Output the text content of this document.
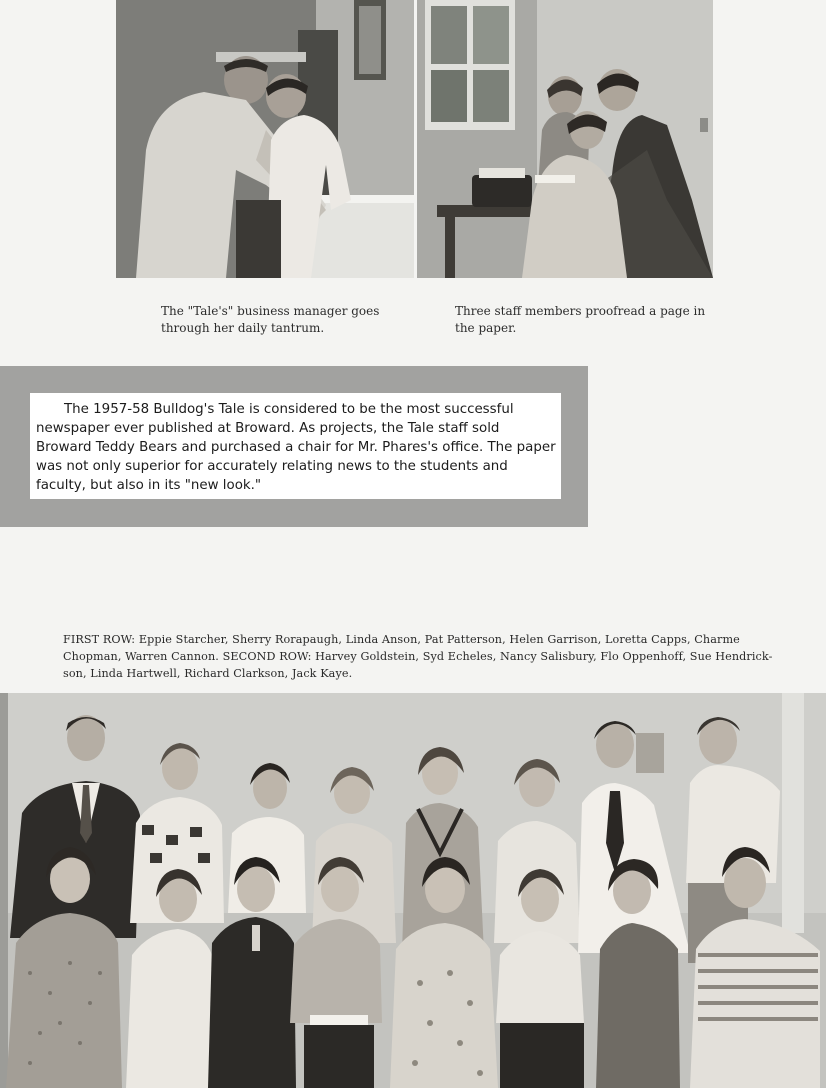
The "Tale's" business manager goes through her daily tantrum.

Three staff members proofread a page in the paper.

The 1957-58 Bulldog's Tale is considered to be the most successful newspaper ever published at Broward. As projects, the Tale staff sold Broward Teddy Bears and purchased a chair for Mr. Phares's office. The paper was not only superior for accurately relating news to the students and faculty, but also in its "new look."

FIRST ROW: Eppie Starcher, Sherry Rorapaugh, Linda Anson, Pat Patterson, Helen Garrison, Loretta Capps, Charme Chopman, Warren Cannon. SECOND ROW: Harvey Goldstein, Syd Echeles, Nancy Salisbury, Flo Oppenhoff, Sue Hendrick-son, Linda Hartwell, Richard Clarkson, Jack Kaye.
